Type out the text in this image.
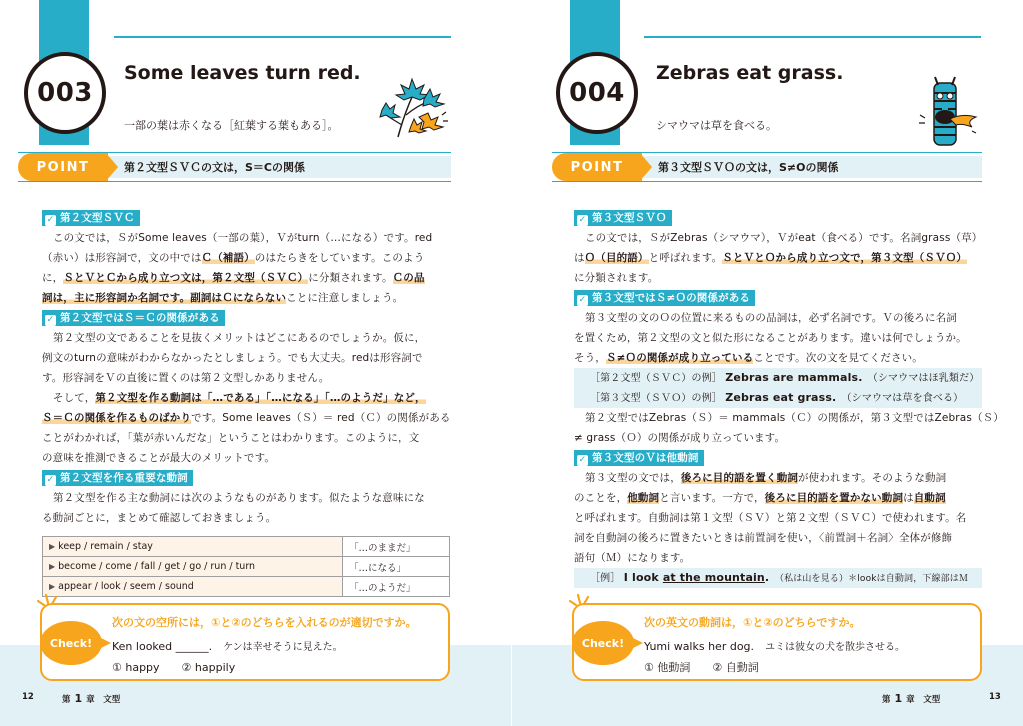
003
Some leaves turn red.
一部の葉は赤くなる［紅葉する葉もある］。
POINT	第２文型ＳＶＣの文は，S＝Cの関係
✓ 第２文型ＳＶＣ
この文では，ＳがSome leaves（一部の葉），Ｖがturn（…になる）です。red
（赤い）は形容詞で，文の中ではＣ（補語）のはたらきをしています。このよう
に，ＳとＶとＣから成り立つ文は，第２文型（ＳＶＣ）に分類されます。Ｃの品
詞は，主に形容詞か名詞です。副詞はＣにならないことに注意しましょう。
✓ 第２文型ではＳ＝Ｃの関係がある
第２文型の文であることを見抜くメリットはどこにあるのでしょうか。仮に，
例文のturnの意味がわからなかったとしましょう。でも大丈夫。redは形容詞で
す。形容詞をＶの直後に置くのは第２文型しかありません。
そして，第２文型を作る動詞は「…である」「…になる」「…のようだ」など，
Ｓ＝Ｃの関係を作るものばかりです。Some leaves（Ｓ）＝ red（Ｃ）の関係がある
ことがわかれば，「葉が赤いんだな」ということはわかります。このように，文
の意味を推測できることが最大のメリットです。
✓ 第２文型を作る重要な動詞
第２文型を作る主な動詞には次のようなものがあります。似たような意味にな
る動詞ごとに，まとめて確認しておきましょう。
▶ keep / remain / stay	「…のままだ」
▶ become / come / fall / get / go / run / turn	「…になる」
▶ appear / look / seem / sound	「…のようだ」
Check!
次の文の空所には，①と②のどちらを入れるのが適切ですか。
Ken looked ______.　 ケンは幸せそうに見えた。
① happy　　 ② happily
12	第 1 章　 文型
004
Zebras eat grass.
シマウマは草を食べる。
POINT	第３文型ＳＶＯの文は，S≠Oの関係
✓ 第３文型ＳＶＯ
この文では，ＳがZebras（シマウマ），Ｖがeat（食べる）です。名詞grass（草）
はＯ（目的語）と呼ばれます。ＳとＶとＯから成り立つ文で，第３文型（ＳＶＯ）
に分類されます。
✓ 第３文型ではＳ≠Ｏの関係がある
第３文型の文のＯの位置に来るものの品詞は，必ず名詞です。Ｖの後ろに名詞
を置くため，第２文型の文と似た形になることがあります。違いは何でしょうか。
そう，Ｓ≠Ｏの関係が成り立っていることです。次の文を見てください。
［第２文型（ＳＶＣ）の例］ Zebras are mammals.　 （シマウマはほ乳類だ）
［第３文型（ＳＶＯ）の例］ Zebras eat grass.　 （シマウマは草を食べる）
第２文型ではZebras（Ｓ）＝ mammals（Ｃ）の関係が，第３文型ではZebras（Ｓ）
≠ grass（Ｏ）の関係が成り立っています。
✓ 第３文型のＶは他動詞
第３文型の文では，後ろに目的語を置く動詞が使われます。そのような動詞
のことを，他動詞と言います。一方で，後ろに目的語を置かない動詞は自動詞
と呼ばれます。自動詞は第１文型（ＳＶ）と第２文型（ＳＶＣ）で使われます。名
詞を自動詞の後ろに置きたいときは前置詞を使い，〈前置詞＋名詞〉全体が修飾
語句（Ｍ）になります。
［例］ I look at the mountain.　 （私は山を見る）＊lookは自動詞，下線部はＭ
Check!
次の英文の動詞は，①と②のどちらですか。
Yumi walks her dog.　 ユミは彼女の犬を散歩させる。
① 他動詞　　 ② 自動詞
第 1 章　 文型	13
